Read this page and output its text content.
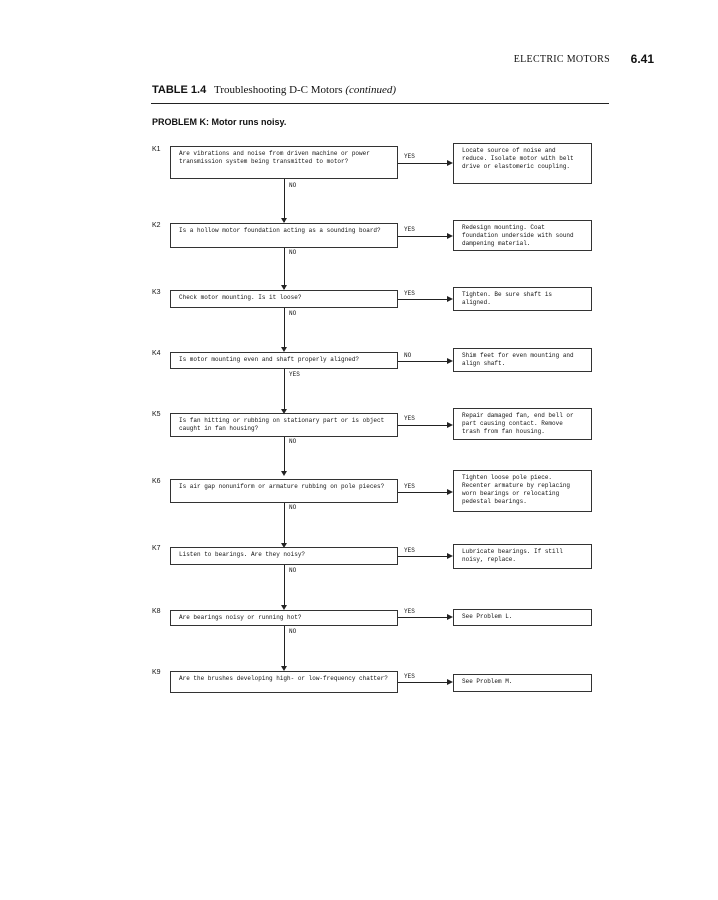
ELECTRIC MOTORS 6.41
TABLE 1.4 Troubleshooting D-C Motors (continued)
PROBLEM K: Motor runs noisy.
K1
Are vibrations and noise from driven machine or power transmission system being transmitted to motor?
YES
Locate source of noise and reduce. Isolate motor with belt drive or elastomeric coupling.
NO
K2
Is a hollow motor foundation acting as a sounding board?	YES	Redesign mounting. Coat foundation underside with sound dampening material.
NO
K3
Check motor mounting. Is it loose?
YES	Tighten. Be sure shaft is aligned.
NO
K4
Is motor mounting even and shaft properly aligned?
NO	Shim feet for even mounting and align shaft.
YES
K5
Is fan hitting or rubbing on stationary part or is object caught in fan housing?
YES	Repair damaged fan, end bell or part causing contact. Remove trash from fan housing.
NO
K6
Is air gap nonuniform or armature rubbing on pole pieces?	YES
Tighten loose pole piece. Recenter armature by replacing worn bearings or relocating pedestal bearings.
NO
K7
Listen to bearings. Are they noisy?
YES	Lubricate bearings. If still noisy, replace.
NO
K8
Are bearings noisy or running hot?
YES
See Problem L.
NO
K9
Are the brushes developing high- or low-frequency chatter?	YES
See Problem M.
